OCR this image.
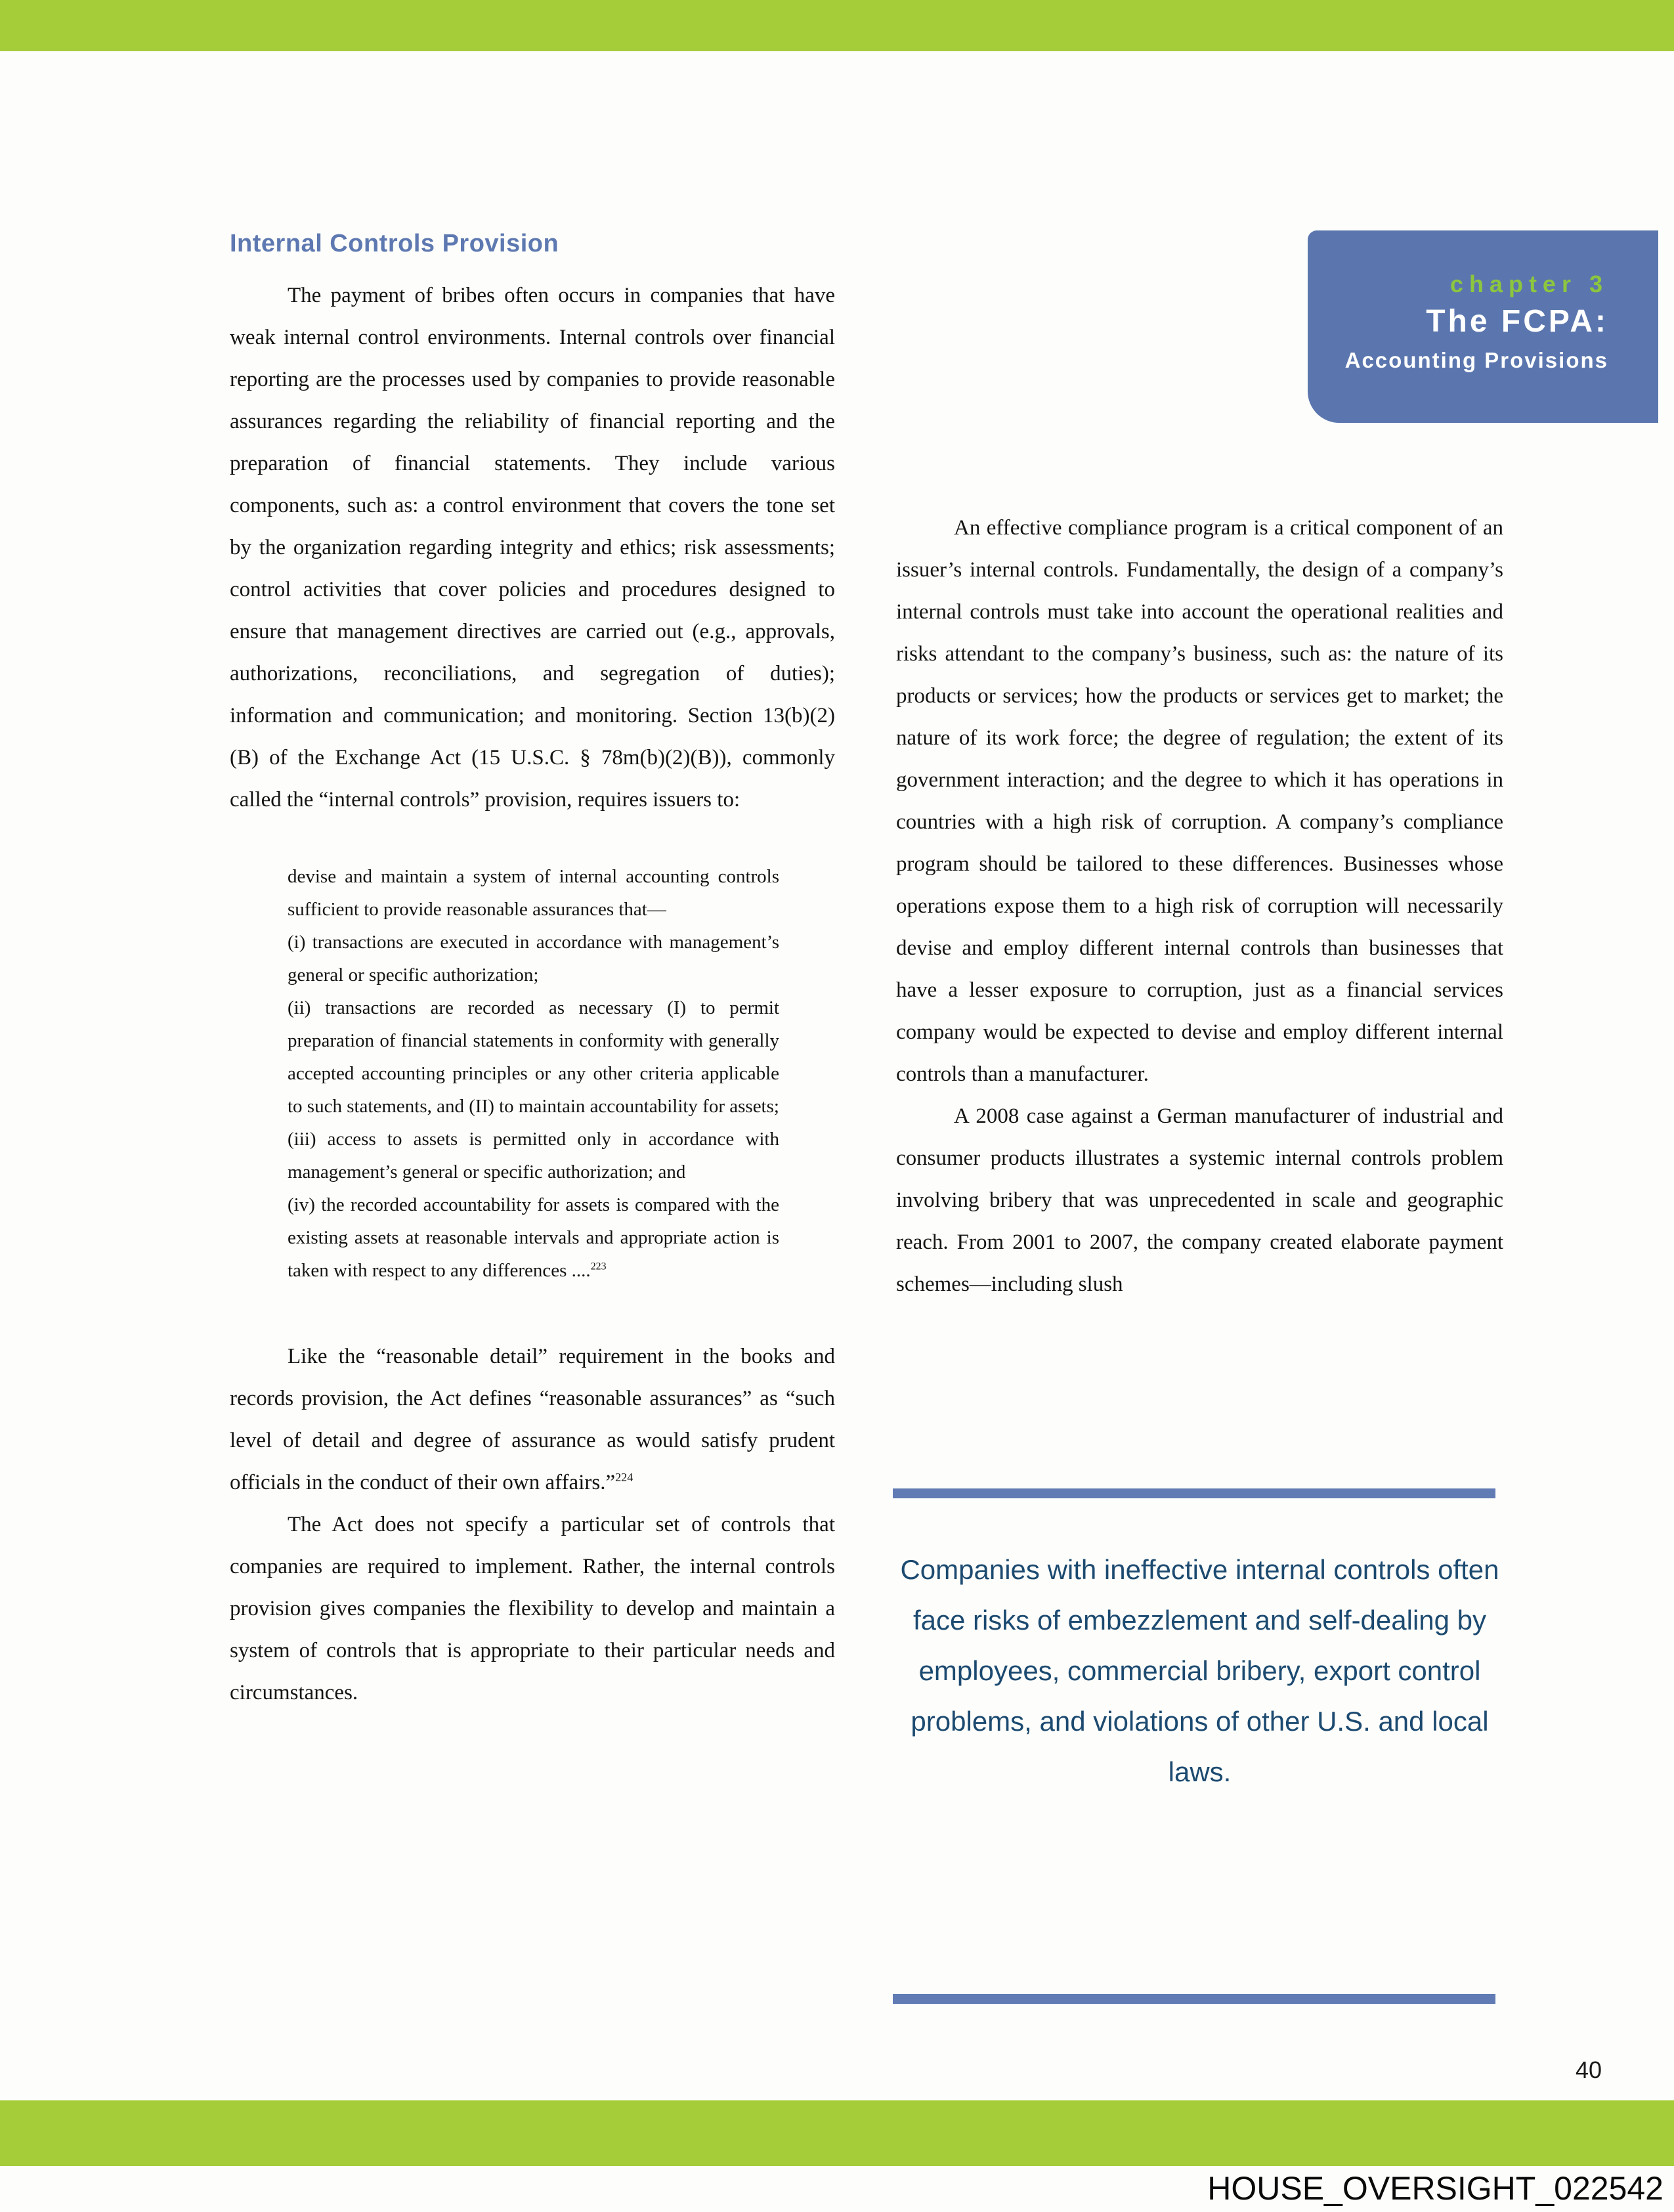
chapter 3
The FCPA:
Accounting Provisions
Internal Controls Provision

The payment of bribes often occurs in companies that have weak internal control environments. Internal controls over financial reporting are the processes used by companies to provide reasonable assurances regarding the reliability of financial reporting and the preparation of financial statements. They include various components, such as: a control environment that covers the tone set by the organization regarding integrity and ethics; risk assessments; control activities that cover policies and procedures designed to ensure that management directives are carried out (e.g., approvals, authorizations, reconciliations, and segregation of duties); information and communication; and monitoring. Section 13(b)(2)(B) of the Exchange Act (15 U.S.C. § 78m(b)(2)(B)), commonly called the “internal controls” provision, requires issuers to:

devise and maintain a system of internal accounting controls sufficient to provide reasonable assurances that—
(i) transactions are executed in accordance with management’s general or specific authorization;
(ii) transactions are recorded as necessary (I) to permit preparation of financial statements in conformity with generally accepted accounting principles or any other criteria applicable to such statements, and (II) to maintain accountability for assets;
(iii) access to assets is permitted only in accordance with management’s general or specific authorization; and
(iv) the recorded accountability for assets is compared with the existing assets at reasonable intervals and appropriate action is taken with respect to any differences ....$^{223}$

Like the “reasonable detail” requirement in the books and records provision, the Act defines “reasonable assurances” as “such level of detail and degree of assurance as would satisfy prudent officials in the conduct of their own affairs.”$^{224}$

The Act does not specify a particular set of controls that companies are required to implement. Rather, the internal controls provision gives companies the flexibility to develop and maintain a system of controls that is appropriate to their particular needs and circumstances.

An effective compliance program is a critical component of an issuer’s internal controls. Fundamentally, the design of a company’s internal controls must take into account the operational realities and risks attendant to the company’s business, such as: the nature of its products or services; how the products or services get to market; the nature of its work force; the degree of regulation; the extent of its government interaction; and the degree to which it has operations in countries with a high risk of corruption. A company’s compliance program should be tailored to these differences. Businesses whose operations expose them to a high risk of corruption will necessarily devise and employ different internal controls than businesses that have a lesser exposure to corruption, just as a financial services company would be expected to devise and employ different internal controls than a manufacturer.

A 2008 case against a German manufacturer of industrial and consumer products illustrates a systemic internal controls problem involving bribery that was unprecedented in scale and geographic reach. From 2001 to 2007, the company created elaborate payment schemes—including slush

Companies with ineffective internal controls often face risks of embezzlement and self-dealing by employees, commercial bribery, export control problems, and violations of other U.S. and local laws.
40
HOUSE_OVERSIGHT_022542
